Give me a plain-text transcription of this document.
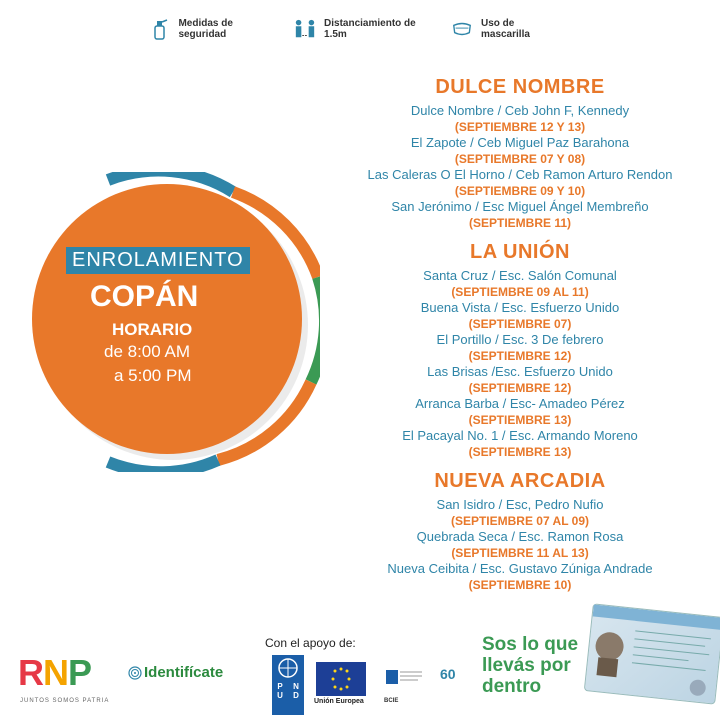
Medidas de seguridad
Distanciamiento de 1.5m
Uso de mascarilla
ENROLAMIENTO
COPÁN
HORARIO
de 8:00 AM
a 5:00 PM
DULCE NOMBRE
Dulce Nombre / Ceb John F, Kennedy
(SEPTIEMBRE 12 Y 13)
El Zapote / Ceb Miguel Paz Barahona
(SEPTIEMBRE 07 Y 08)
Las Caleras O El Horno / Ceb Ramon Arturo Rendon
(SEPTIEMBRE 09 Y 10)
San Jerónimo / Esc Miguel Ángel Membreño
(SEPTIEMBRE 11)
LA UNIÓN
Santa Cruz / Esc. Salón Comunal
(SEPTIEMBRE 09 AL 11)
Buena Vista / Esc. Esfuerzo Unido
(SEPTIEMBRE 07)
El Portillo / Esc. 3 De febrero
(SEPTIEMBRE 12)
Las Brisas /Esc. Esfuerzo Unido
(SEPTIEMBRE 12)
Arranca Barba / Esc- Amadeo Pérez
(SEPTIEMBRE 13)
El Pacayal No. 1 / Esc. Armando Moreno
(SEPTIEMBRE 13)
NUEVA ARCADIA
San Isidro / Esc, Pedro Nufio
(SEPTIEMBRE 07 AL 09)
Quebrada Seca / Esc. Ramon Rosa
(SEPTIEMBRE 11 AL 13)
Nueva Ceibita / Esc. Gustavo Zúniga Andrade
(SEPTIEMBRE 10)
RNP
JUNTOS SOMOS PATRIA
Identifícate
Con el apoyo de:
P	N
U	D
Unión Europea	BCIE
60
Sos lo que llevás por dentro
